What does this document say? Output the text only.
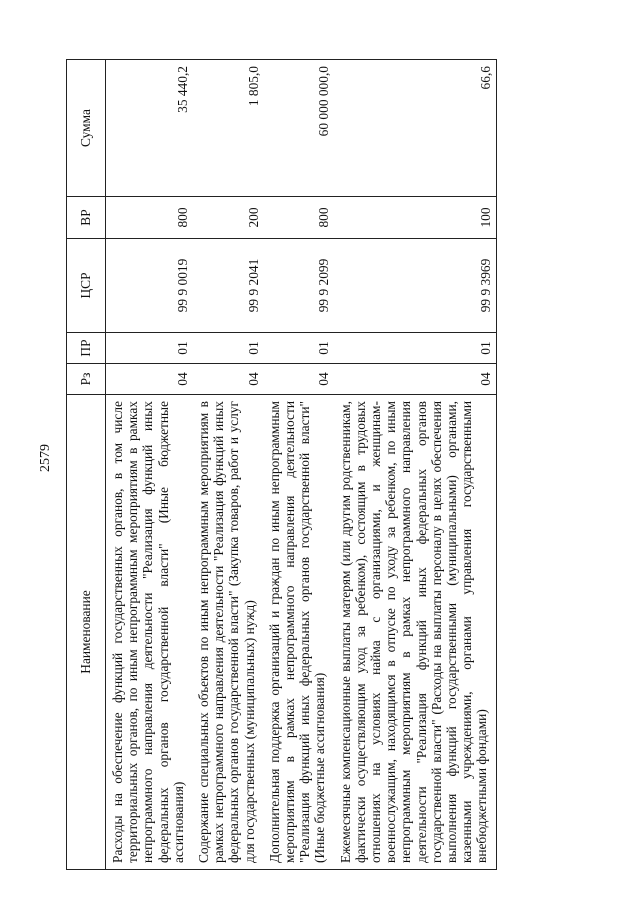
2579
Наименование	Рз	ПР	ЦСР	ВР	Сумма
Расходы на обеспечение функций государственных органов, в том числе территориальных органов, по иным непрограммным мероприятиям в рамках непрограммного направления деятельности "Реализация функций иных федеральных органов государственной власти" (Иные бюджетные ассигнования)	04	01	99 9 0019	800	35 440,2
Содержание специальных объектов по иным непрограммным мероприятиям в рамках непрограммного направления деятельности "Реализация функций иных федеральных органов государственной власти" (Закупка товаров, работ и услуг для государственных (муниципальных) нужд)	04	01	99 9 2041	200	1 805,0
Дополнительная поддержка организаций и граждан по иным непрограммным мероприятиям в рамках непрограммного направления деятельности "Реализация функций иных федеральных органов государственной власти" (Иные бюджетные ассигнования)	04	01	99 9 2099	800	60 000 000,0
Ежемесячные компенсационные выплаты матерям (или другим родственникам, фактически осуществляющим уход за ребенком), состоящим в трудовых отношениях на условиях найма с организациями, и женщинам-военнослужащим, находящимся в отпуске по уходу за ребенком, по иным непрограммным мероприятиям в рамках непрограммного направления деятельности "Реализация функций иных федеральных органов государственной власти" (Расходы на выплаты персоналу в целях обеспечения выполнения функций государственными (муниципальными) органами, казенными учреждениями, органами управления государственными внебюджетными фондами)	04	01	99 9 3969	100	66,6
